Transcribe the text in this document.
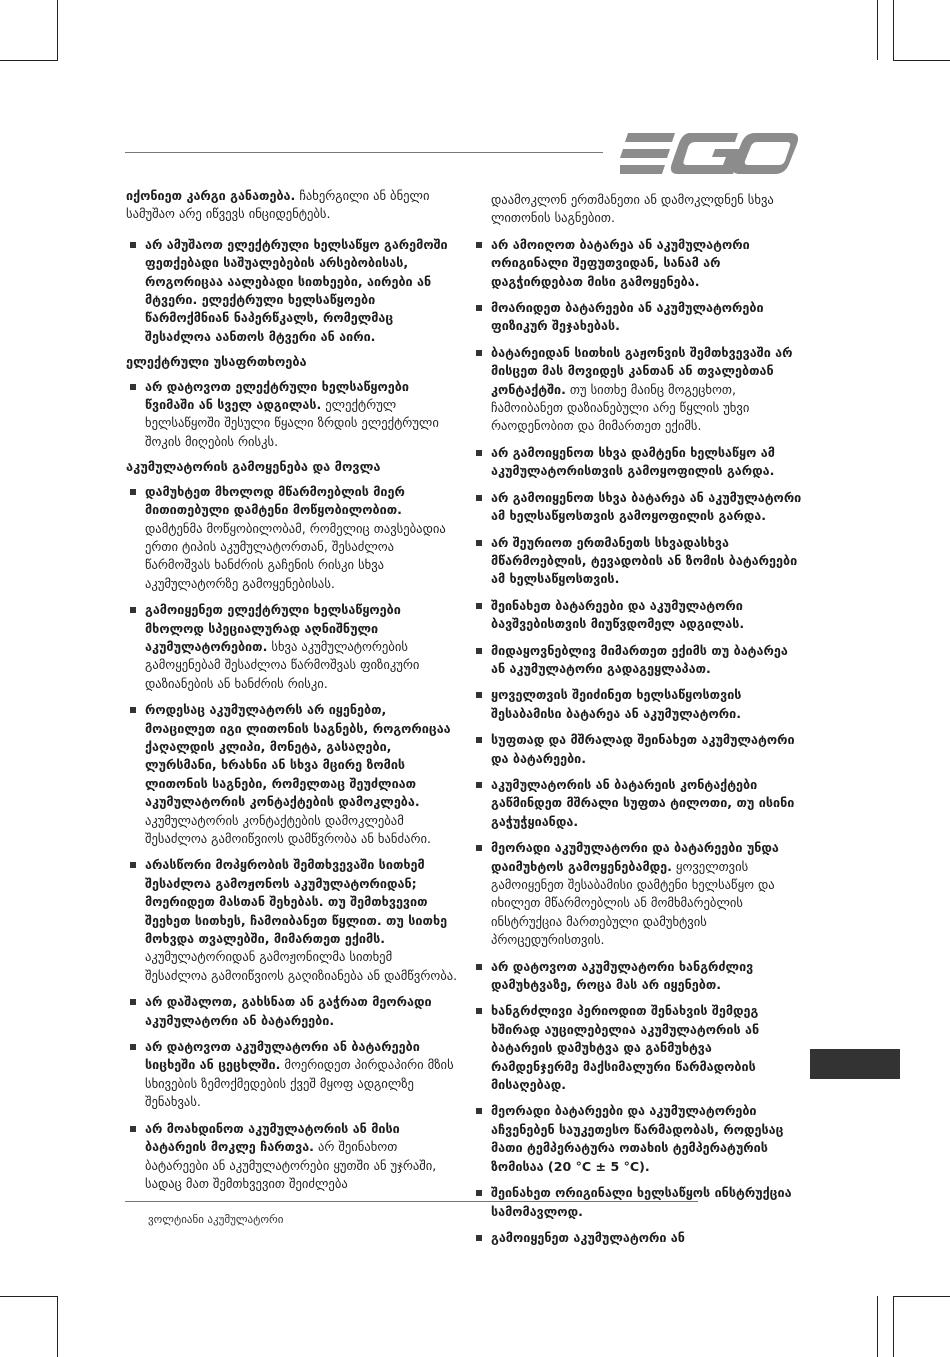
იქონიეთ კარგი განათება. ჩახერგილი ან ბნელი სამუშაო არე იწვევს ინციდენტებს.

არ ამუშაოთ ელექტრული ხელსაწყო გარემოში ფეთქებადი საშუალებების არსებობისას, როგორიცაა აალებადი სითხეები, აირები ან მტვერი. ელექტრული ხელსაწყოები წარმოქმნიან ნაპერწკალს, რომელმაც შესაძლოა აანთოს მტვერი ან აირი.
ელექტრული უსაფრთხოება
არ დატოვოთ ელექტრული ხელსაწყოები წვიმაში ან სველ ადგილას. ელექტრულ ხელსაწყოში შესული წყალი ზრდის ელექტრული შოკის მიღების რისკს.
აკუმულატორის გამოყენება და მოვლა
დამუხტეთ მხოლოდ მწარმოებლის მიერ მითითებული დამტენი მოწყობილობით. დამტენმა მოწყობილობამ, რომელიც თავსებადია ერთი ტიპის აკუმულატორთან, შესაძლოა წარმოშვას ხანძრის გაჩენის რისკი სხვა აკუმულატორზე გამოყენებისას.
გამოიყენეთ ელექტრული ხელსაწყოები მხოლოდ სპეციალურად აღნიშნული აკუმულატორებით. სხვა აკუმულატორების გამოყენებამ შესაძლოა წარმოშვას ფიზიკური დაზიანების ან ხანძრის რისკი.
როდესაც აკუმულატორს არ იყენებთ, მოაცილეთ იგი ლითონის საგნებს, როგორიცაა ქაღალდის კლიპი, მონეტა, გასაღები, ლურსმანი, ხრახნი ან სხვა მცირე ზომის ლითონის საგნები, რომელთაც შეუძლიათ აკუმულატორის კონტაქტების დამოკლება. აკუმულატორის კონტაქტების დამოკლებამ შესაძლოა გამოიწვიოს დამწვრობა ან ხანძარი.
არასწორი მოპყრობის შემთხვევაში სითხემ შესაძლოა გამოჟონოს აკუმულატორიდან; მოერიდეთ მასთან შეხებას. თუ შემთხვევით შეეხეთ სითხეს, ჩამოიბანეთ წყლით. თუ სითხე მოხვდა თვალებში, მიმართეთ ექიმს. აკუმულატორიდან გამოჟონილმა სითხემ შესაძლოა გამოიწვიოს გაღიზიანება ან დამწვრობა.
არ დაშალოთ, გახსნათ ან გაჭრათ მეორადი აკუმულატორი ან ბატარეები.
არ დატოვოთ აკუმულატორი ან ბატარეები სიცხეში ან ცეცხლში. მოერიდეთ პირდაპირი მზის სხივების ზემოქმედების ქვეშ მყოფ ადგილზე შენახვას.
არ მოახდინოთ აკუმულატორის ან მისი ბატარეის მოკლე ჩართვა. არ შეინახოთ ბატარეები ან აკუმულატორები ყუთში ან უჯრაში, სადაც მათ შემთხვევით შეიძლება

დაამოკლონ ერთმანეთი ან დამოკლდნენ სხვა ლითონის საგნებით.

არ ამოიღოთ ბატარეა ან აკუმულატორი ორიგინალი შეფუთვიდან, სანამ არ დაგჭირდებათ მისი გამოყენება.
მოარიდეთ ბატარეები ან აკუმულატორები ფიზიკურ შეჯახებას.
ბატარეიდან სითხის გაჟონვის შემთხვევაში არ მისცეთ მას მოვიდეს კანთან ან თვალებთან კონტაქტში. თუ სითხე მაინც მოგეცხოთ, ჩამოიბანეთ დაზიანებული არე წყლის უხვი რაოდენობით და მიმართეთ ექიმს.
არ გამოიყენოთ სხვა დამტენი ხელსაწყო ამ აკუმულატორისთვის გამოყოფილის გარდა.
არ გამოიყენოთ სხვა ბატარეა ან აკუმულატორი ამ ხელსაწყოსთვის გამოყოფილის გარდა.
არ შეურიოთ ერთმანეთს სხვადასხვა მწარმოებლის, ტევადობის ან ზომის ბატარეები ამ ხელსაწყოსთვის.
შეინახეთ ბატარეები და აკუმულატორი ბავშვებისთვის მიუწვდომელ ადგილას.
მიდაყოვნებლივ მიმართეთ ექიმს თუ ბატარეა ან აკუმულატორი გადაგეყლაპათ.
ყოველთვის შეიძინეთ ხელსაწყოსთვის შესაბამისი ბატარეა ან აკუმულატორი.
სუფთად და მშრალად შეინახეთ აკუმულატორი და ბატარეები.
აკუმულატორის ან ბატარეის კონტაქტები გაწმინდეთ მშრალი სუფთა ტილოთი, თუ ისინი გაჭუჭყიანდა.
მეორადი აკუმულატორი და ბატარეები უნდა დაიმუხტოს გამოყენებამდე. ყოველთვის გამოიყენეთ შესაბამისი დამტენი ხელსაწყო და იხილეთ მწარმოებლის ან მომხმარებლის ინსტრუქცია მართებული დამუხტვის პროცედურისთვის.
არ დატოვოთ აკუმულატორი ხანგრძლივ დამუხტვაზე, როცა მას არ იყენებთ.
ხანგრძლივი პერიოდით შენახვის შემდეგ ხშირად აუცილებელია აკუმულატორის ან ბატარეის დამუხტვა და განმუხტვა რამდენჯერმე მაქსიმალური წარმადობის მისაღებად.
მეორადი ბატარეები და აკუმულატორები აჩვენებენ საუკეთესო წარმადობას, როდესაც მათი ტემპერატურა ოთახის ტემპერატურის ზომისაა (20 °C ± 5 °C).
შეინახეთ ორიგინალი ხელსაწყოს ინსტრუქცია სამომავლოდ.
გამოიყენეთ აკუმულატორი ან
ვოლტიანი აკუმულატორი
